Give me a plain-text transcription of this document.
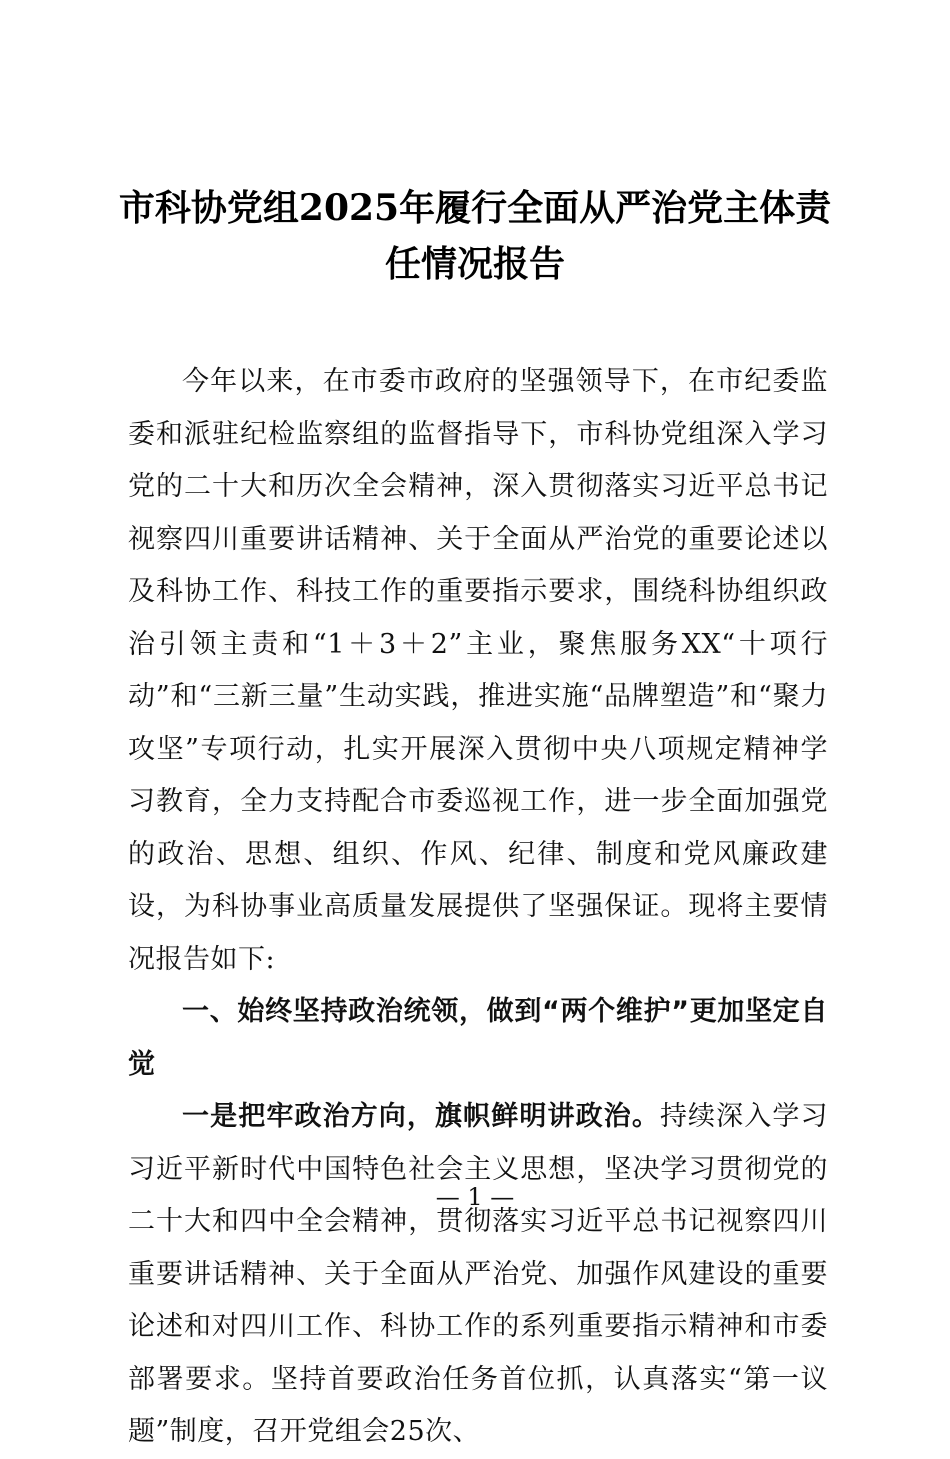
市科协党组2025年履行全面从严治党主体责任情况报告

今年以来，在市委市政府的坚强领导下，在市纪委监委和派驻纪检监察组的监督指导下，市科协党组深入学习党的二十大和历次全会精神，深入贯彻落实习近平总书记视察四川重要讲话精神、关于全面从严治党的重要论述以及科协工作、科技工作的重要指示要求，围绕科协组织政治引领主责和“1＋3＋2”主业，聚焦服务XX“十项行动”和“三新三量”生动实践，推进实施“品牌塑造”和“聚力攻坚”专项行动，扎实开展深入贯彻中央八项规定精神学习教育，全力支持配合市委巡视工作，进一步全面加强党的政治、思想、组织、作风、纪律、制度和党风廉政建设，为科协事业高质量发展提供了坚强保证。现将主要情况报告如下:

一、始终坚持政治统领，做到“两个维护”更加坚定自觉

一是把牢政治方向，旗帜鲜明讲政治。持续深入学习习近平新时代中国特色社会主义思想，坚决学习贯彻党的二十大和四中全会精神，贯彻落实习近平总书记视察四川重要讲话精神、关于全面从严治党、加强作风建设的重要论述和对四川工作、科协工作的系列重要指示精神和市委部署要求。坚持首要政治任务首位抓，认真落实“第一议题”制度，召开党组会25次、

— 1 —
